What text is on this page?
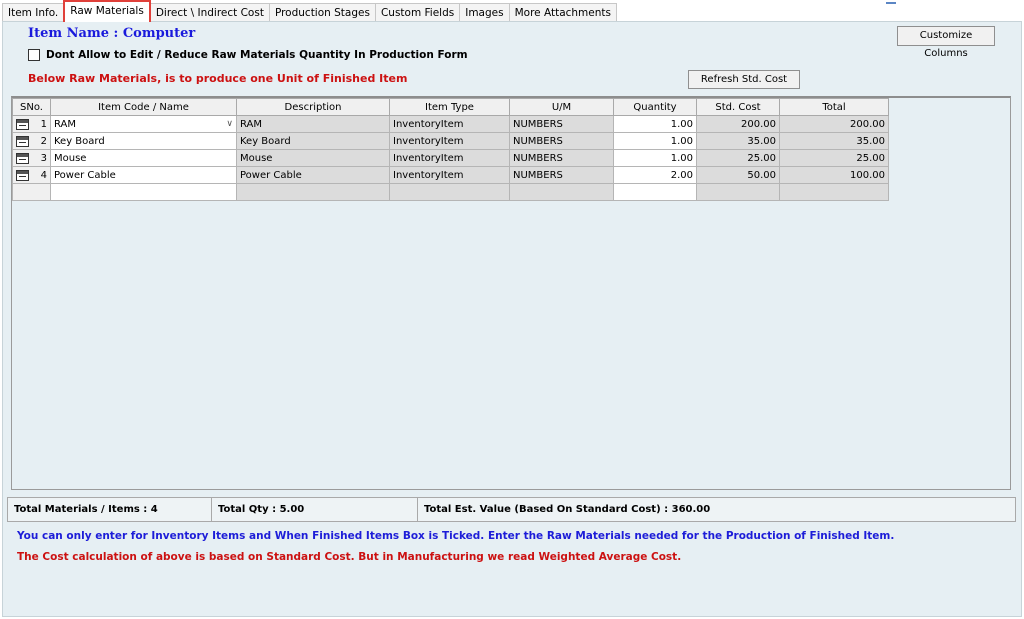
Item Info.	Raw Materials	Direct \ Indirect Cost	Production Stages	Custom Fields	Images	More Attachments
Item Name : Computer	Customize Columns
Dont Allow to Edit / Reduce Raw Materials Quantity In Production Form
Below Raw Materials, is to produce one Unit of Finished Item	Refresh Std. Cost
SNo.	Item Code / Name	Description	Item Type	U/M	Quantity	Std. Cost	Total

1	RAM ∨	RAM	InventoryItem	NUMBERS	1.00	200.00	200.00

2	Key Board	Key Board	InventoryItem	NUMBERS	1.00	35.00	35.00

3	Mouse	Mouse	InventoryItem	NUMBERS	1.00	25.00	25.00

4	Power Cable	Power Cable	InventoryItem	NUMBERS	2.00	50.00	100.00

Total Materials / Items : 4	Total Qty : 5.00	Total Est. Value (Based On Standard Cost) : 360.00
You can only enter for Inventory Items and When Finished Items Box is Ticked. Enter the Raw Materials needed for the Production of Finished Item.
The Cost calculation of above is based on Standard Cost. But in Manufacturing we read Weighted Average Cost.
